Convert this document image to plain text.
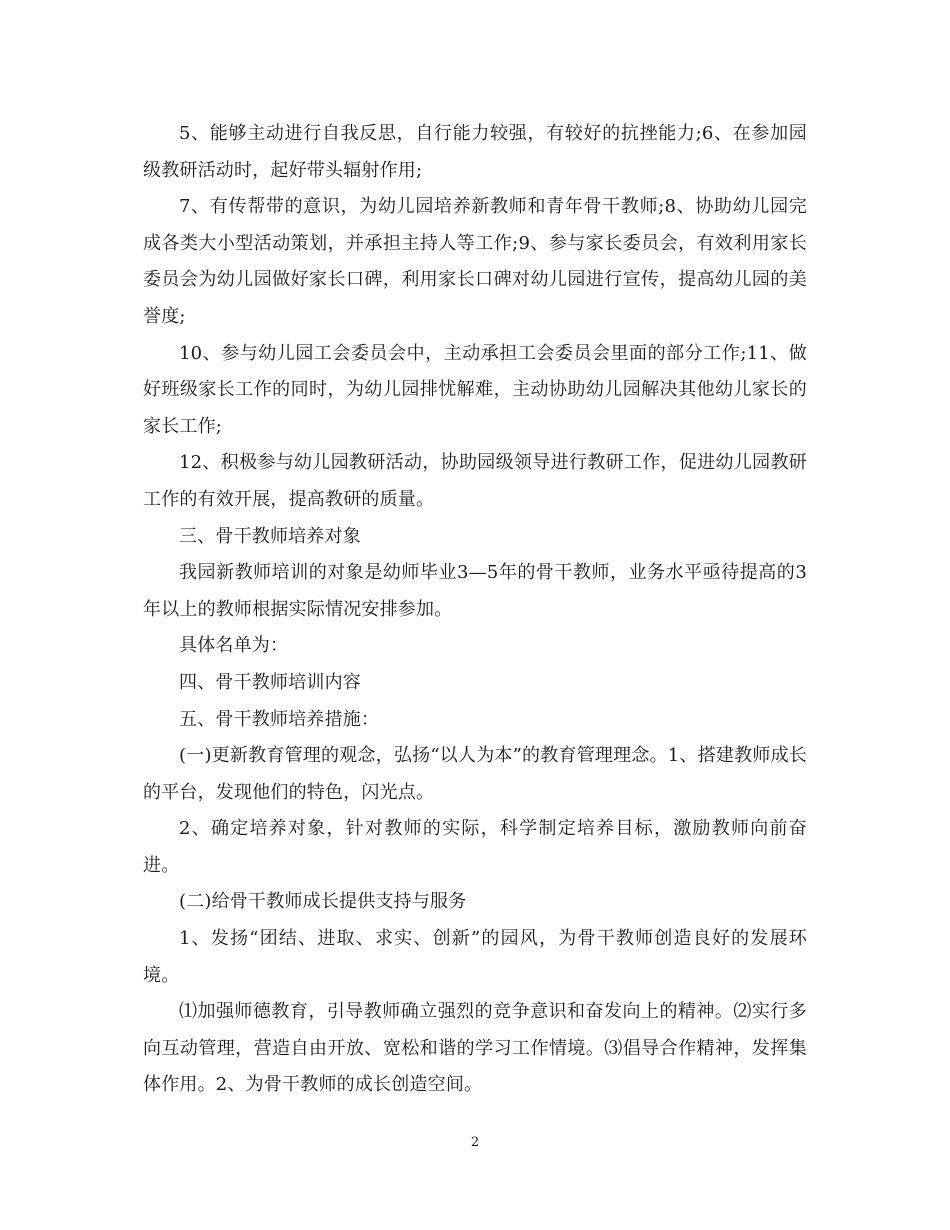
5、能够主动进行自我反思，自行能力较强，有较好的抗挫能力;6、在参加园级教研活动时，起好带头辐射作用;

7、有传帮带的意识，为幼儿园培养新教师和青年骨干教师;8、协助幼儿园完成各类大小型活动策划，并承担主持人等工作;9、参与家长委员会，有效利用家长委员会为幼儿园做好家长口碑，利用家长口碑对幼儿园进行宣传，提高幼儿园的美誉度;

10、参与幼儿园工会委员会中，主动承担工会委员会里面的部分工作;11、做好班级家长工作的同时，为幼儿园排忧解难，主动协助幼儿园解决其他幼儿家长的家长工作;

12、积极参与幼儿园教研活动，协助园级领导进行教研工作，促进幼儿园教研工作的有效开展，提高教研的质量。

三、骨干教师培养对象

我园新教师培训的对象是幼师毕业3—5年的骨干教师，业务水平亟待提高的3年以上的教师根据实际情况安排参加。

具体名单为：

四、骨干教师培训内容

五、骨干教师培养措施：

(一)更新教育管理的观念，弘扬“以人为本”的教育管理理念。1、搭建教师成长的平台，发现他们的特色，闪光点。

2、确定培养对象，针对教师的实际，科学制定培养目标，激励教师向前奋进。

(二)给骨干教师成长提供支持与服务

1、发扬“团结、进取、求实、创新”的园风，为骨干教师创造良好的发展环境。

⑴加强师德教育，引导教师确立强烈的竞争意识和奋发向上的精神。⑵实行多向互动管理，营造自由开放、宽松和谐的学习工作情境。⑶倡导合作精神，发挥集体作用。2、为骨干教师的成长创造空间。

2
